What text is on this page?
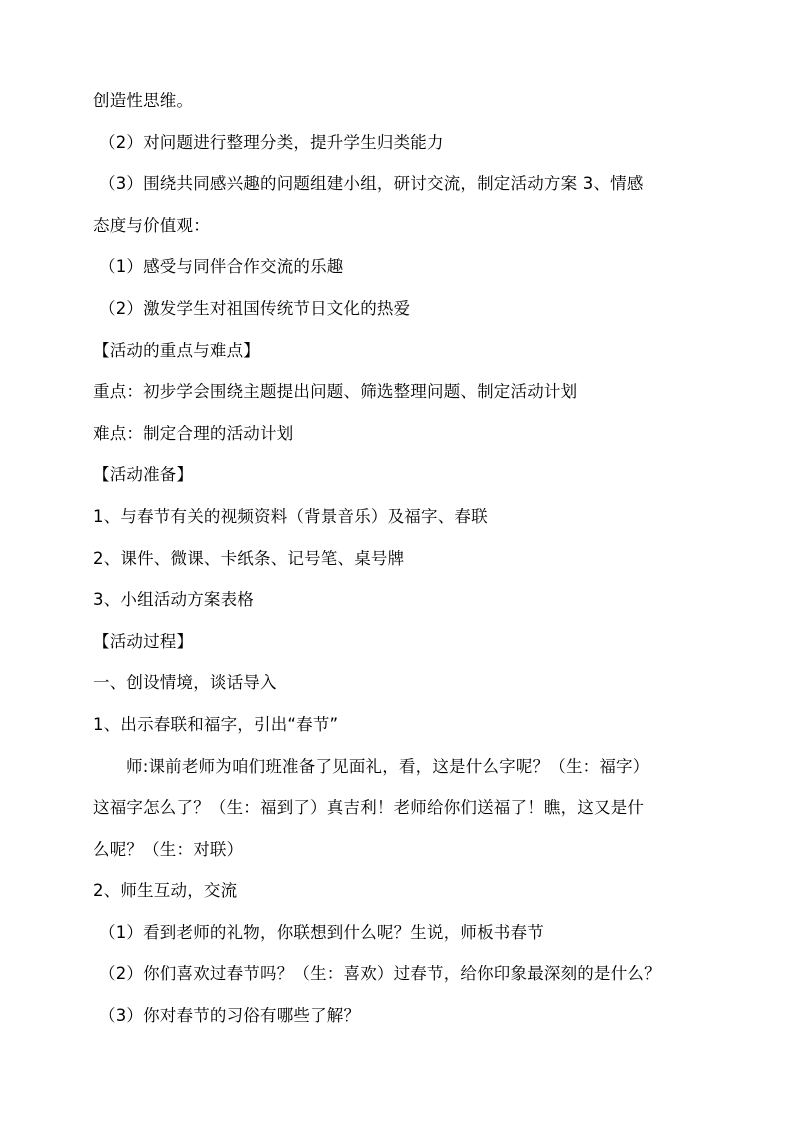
创造性思维。
（2）对问题进行整理分类，提升学生归类能力
（3）围绕共同感兴趣的问题组建小组，研讨交流，制定活动方案 3、情感
态度与价值观：
（1）感受与同伴合作交流的乐趣
（2）激发学生对祖国传统节日文化的热爱
【活动的重点与难点】
重点：初步学会围绕主题提出问题、筛选整理问题、制定活动计划
难点：制定合理的活动计划
【活动准备】
1、与春节有关的视频资料（背景音乐）及福字、春联
2、课件、微课、卡纸条、记号笔、桌号牌
3、小组活动方案表格
【活动过程】
一、创设情境，谈话导入
1、出示春联和福字，引出“春节”
师:课前老师为咱们班准备了见面礼，看，这是什么字呢？（生：福字）
这福字怎么了？（生：福到了）真吉利！老师给你们送福了！瞧，这又是什
么呢？（生：对联）
2、师生互动，交流
（1）看到老师的礼物，你联想到什么呢？生说，师板书春节
（2）你们喜欢过春节吗？（生：喜欢）过春节，给你印象最深刻的是什么？
（3）你对春节的习俗有哪些了解？
